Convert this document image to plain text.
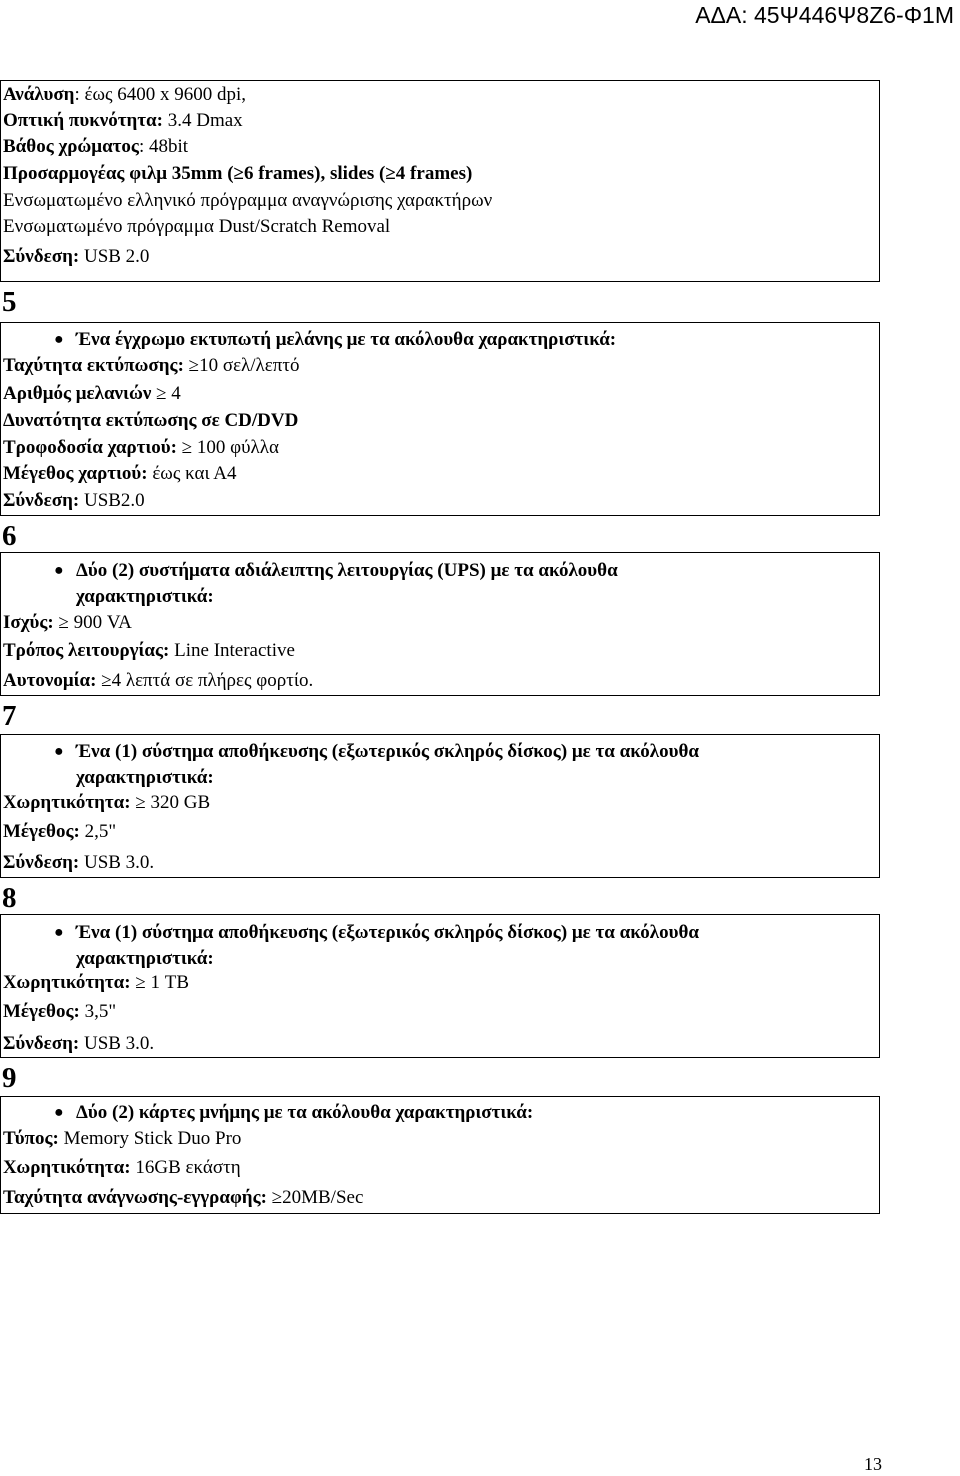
ΑΔΑ: 45Ψ446Ψ8Ζ6-Φ1Μ
Ανάλυση: έως 6400 x 9600 dpi,
Οπτική πυκνότητα: 3.4 Dmax
Βάθος χρώματος: 48bit
Προσαρμογέας φιλμ 35mm (≥6 frames), slides (≥4 frames)
Ενσωματωμένο ελληνικό πρόγραμμα αναγνώρισης χαρακτήρων
Ενσωματωμένο πρόγραμμα Dust/Scratch Removal
Σύνδεση: USB 2.0
5
● Ένα έγχρωμο εκτυπωτή μελάνης με τα ακόλουθα χαρακτηριστικά:
Ταχύτητα εκτύπωσης: ≥10 σελ/λεπτό
Αριθμός μελανιών ≥ 4
Δυνατότητα εκτύπωσης σε CD/DVD
Τροφοδοσία χαρτιού: ≥ 100 φύλλα
Μέγεθος χαρτιού: έως και Α4
Σύνδεση: USB2.0
6
● Δύο (2) συστήματα αδιάλειπτης λειτουργίας (UPS) με τα ακόλουθα
χαρακτηριστικά:
Ισχύς: ≥ 900 VA
Τρόπος λειτουργίας: Line Interactive
Αυτονομία: ≥4 λεπτά σε πλήρες φορτίο.
7
● Ένα (1) σύστημα αποθήκευσης (εξωτερικός σκληρός δίσκος) με τα ακόλουθα
χαρακτηριστικά:
Χωρητικότητα: ≥ 320 GB
Μέγεθος: 2,5"
Σύνδεση: USB 3.0.
8
● Ένα (1) σύστημα αποθήκευσης (εξωτερικός σκληρός δίσκος) με τα ακόλουθα
χαρακτηριστικά:
Χωρητικότητα: ≥ 1 TB
Μέγεθος: 3,5"
Σύνδεση: USB 3.0.
9
● Δύο (2) κάρτες μνήμης με τα ακόλουθα χαρακτηριστικά:
Τύπος: Memory Stick Duo Pro
Χωρητικότητα: 16GB εκάστη
Ταχύτητα ανάγνωσης-εγγραφής: ≥20MB/Sec
13
